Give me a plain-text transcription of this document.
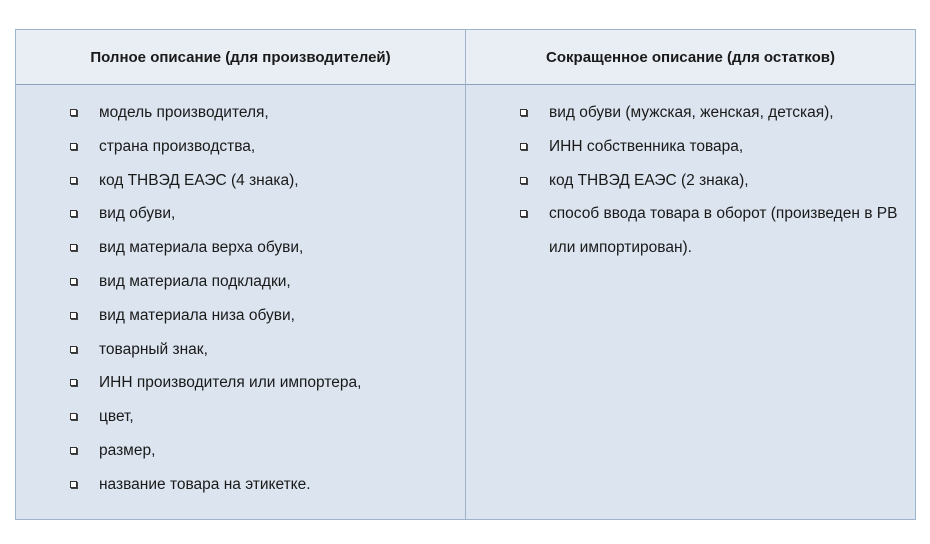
Полное описание (для производителей)	Сокращенное описание (для остатков)
модель производителя,
страна производства,
код ТНВЭД ЕАЭС (4 знака),
вид обуви,
вид материала верха обуви,
вид материала подкладки,
вид материала низа обуви,
товарный знак,
ИНН производителя или импортера,
цвет,
размер,
название товара на этикетке.
вид обуви (мужская, женская, детская),
ИНН собственника товара,
код ТНВЭД ЕАЭС (2 знака),
способ ввода товара в оборот (произведен в РВ или импортирован).
